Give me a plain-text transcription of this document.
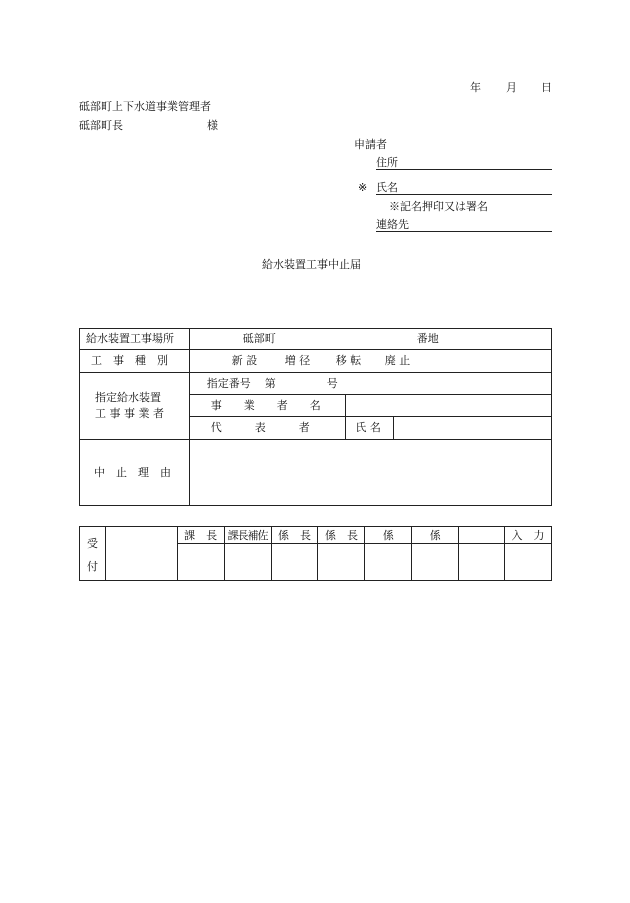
年 月 日
砥部町上下水道事業管理者
砥部町長	様
申請者
住所
※ 氏名
※記名押印又は署名
連絡先
給水装置工事中止届
給水装置工事場所	砥部町 番地		

工　事　種　別	新 設 増 径 移 転 廃 止		

指定給水装置
工 事 事 業 者	指定番号 第 号		

	事　　業　　者　　名		

	代　　　表　　　者	氏 名	

中　止　理　由			

受
付		課　長	課長補佐	係　長	係　長	係	係		入　力
